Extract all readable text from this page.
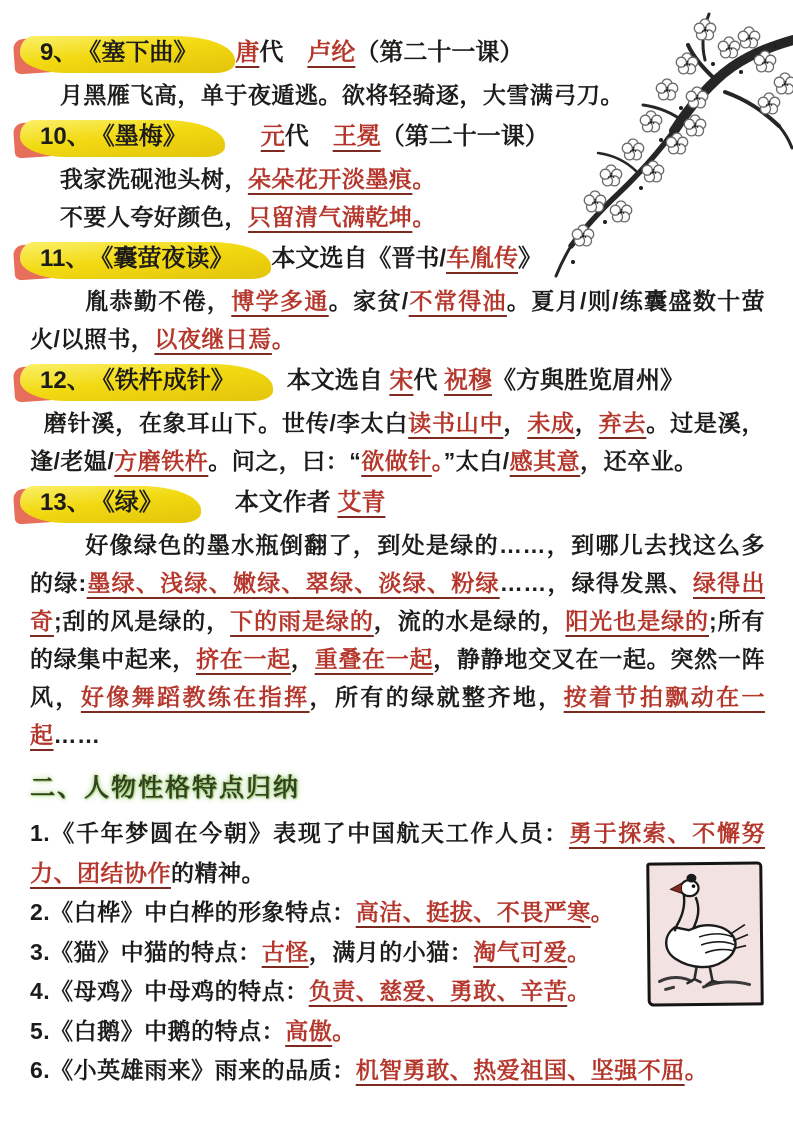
9、 《塞下曲》	唐代　卢纶（第二十一课）

月黑雁飞高，单于夜遁逃。欲将轻骑逐，大雪满弓刀。

10、 《墨梅》	元代　王冕（第二十一课）

我家洗砚池头树，朵朵花开淡墨痕。

不要人夸好颜色，只留清气满乾坤。

11、 《囊萤夜读》	本文选自《晋书/车胤传》

胤恭勤不倦，博学多通。家贫/不常得油。夏月/则/练囊盛数十萤火/以照书，以夜继日焉。

12、 《铁杵成针》	本文选自 宋代 祝穆《方與胜览眉州》

磨针溪，在象耳山下。世传/李太白读书山中，未成，弃去。过是溪，逢/老媪/方磨铁杵。问之，曰：“欲做针。”太白/感其意，还卒业。

13、 《绿》	本文作者 艾青

好像绿色的墨水瓶倒翻了，到处是绿的……，到哪儿去找这么多的绿:墨绿、浅绿、嫩绿、翠绿、淡绿、粉绿……，绿得发黑、绿得出奇;刮的风是绿的，下的雨是绿的，流的水是绿的，阳光也是绿的;所有的绿集中起来，挤在一起，重叠在一起，静静地交叉在一起。突然一阵风，好像舞蹈教练在指挥，所有的绿就整齐地，按着节拍飘动在一起……

二、人物性格特点归纳

1.《千年梦圆在今朝》表现了中国航天工作人员：勇于探索、不懈努力、团结协作的精神。

2.《白桦》中白桦的形象特点：高洁、挺拔、不畏严寒。

3.《猫》中猫的特点：古怪，满月的小猫：淘气可爱。

4.《母鸡》中母鸡的特点：负责、慈爱、勇敢、辛苦。

5.《白鹅》中鹅的特点：高傲。

6.《小英雄雨来》雨来的品质：机智勇敢、热爱祖国、坚强不屈。
